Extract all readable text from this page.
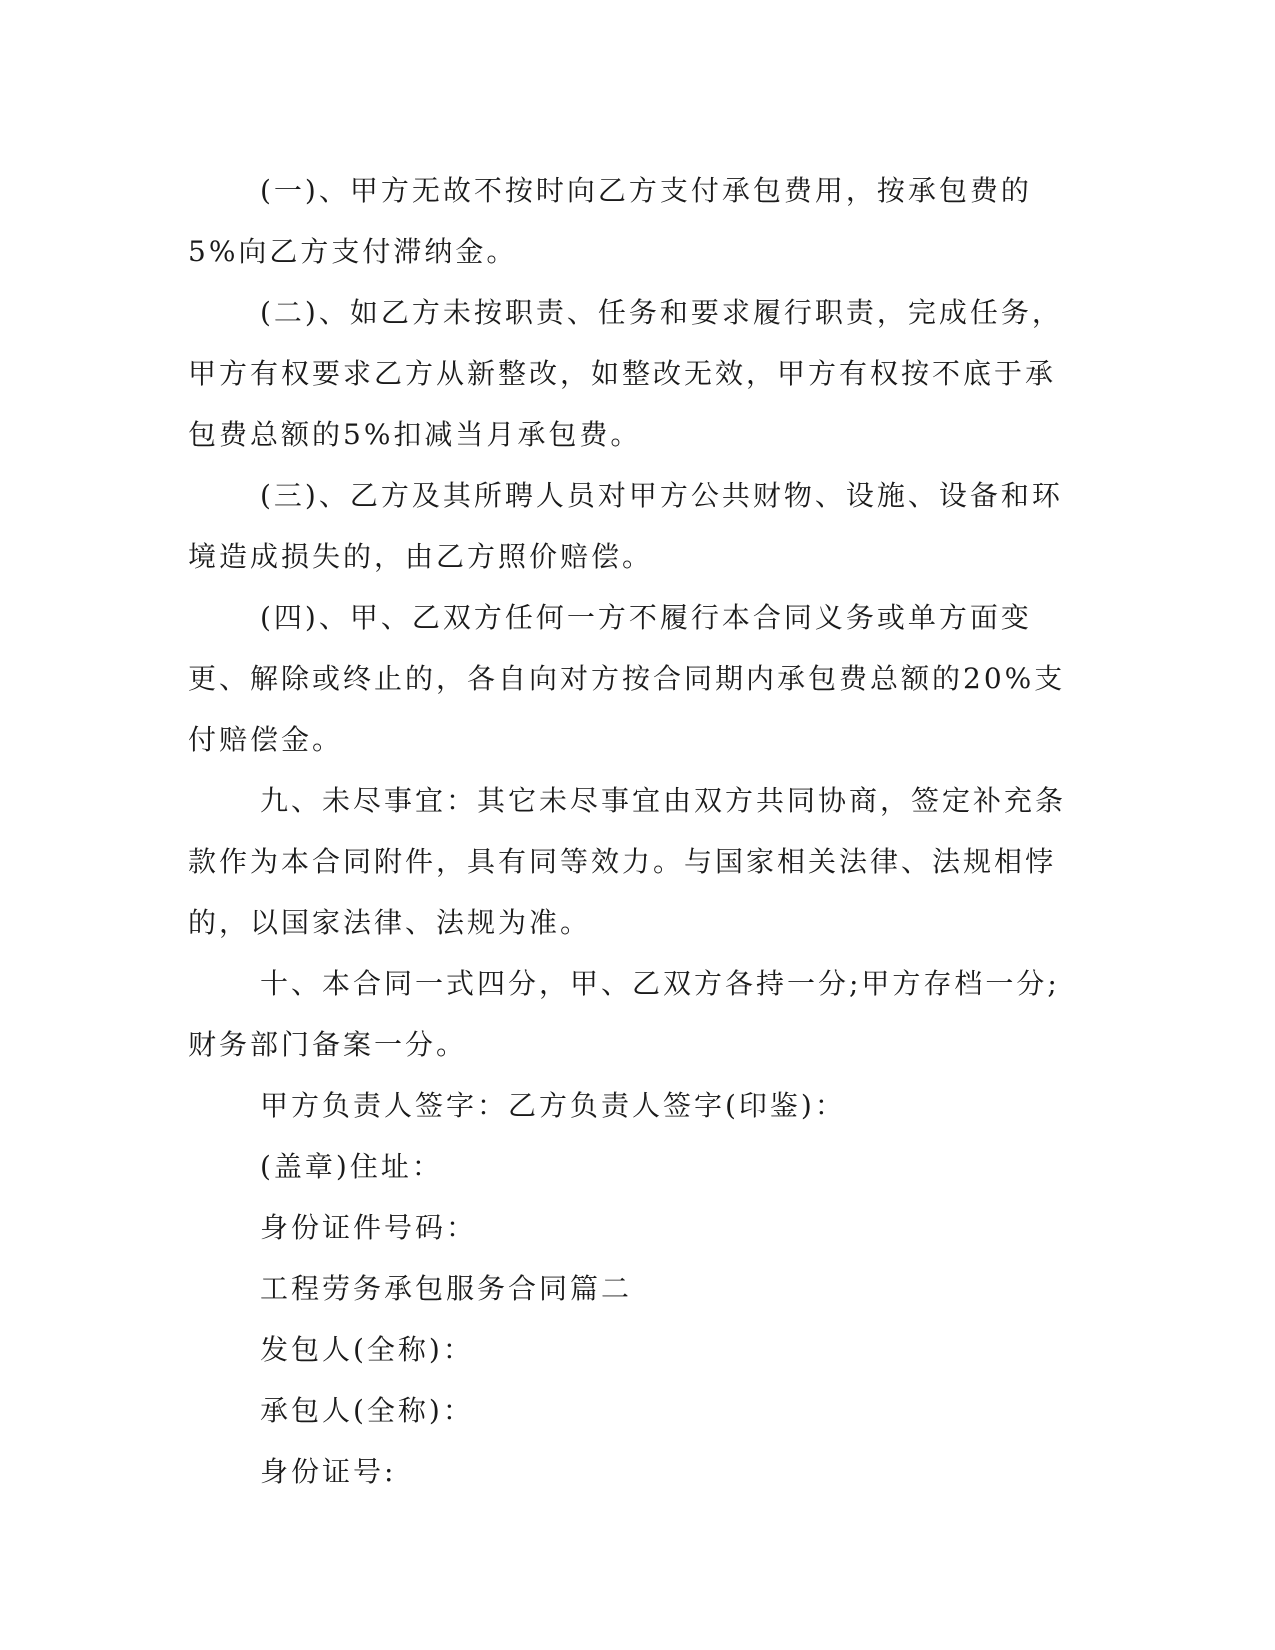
(一)、甲方无故不按时向乙方支付承包费用，按承包费的5%向乙方支付滞纳金。

(二)、如乙方未按职责、任务和要求履行职责，完成任务，甲方有权要求乙方从新整改，如整改无效，甲方有权按不底于承包费总额的5%扣减当月承包费。

(三)、乙方及其所聘人员对甲方公共财物、设施、设备和环境造成损失的，由乙方照价赔偿。

(四)、甲、乙双方任何一方不履行本合同义务或单方面变更、解除或终止的，各自向对方按合同期内承包费总额的20%支付赔偿金。

九、未尽事宜：其它未尽事宜由双方共同协商，签定补充条款作为本合同附件，具有同等效力。与国家相关法律、法规相悖的，以国家法律、法规为准。

十、本合同一式四分，甲、乙双方各持一分;甲方存档一分;财务部门备案一分。

甲方负责人签字：乙方负责人签字(印鉴)：

(盖章)住址：

身份证件号码：

工程劳务承包服务合同篇二

发包人(全称)：

承包人(全称)：

身份证号:
